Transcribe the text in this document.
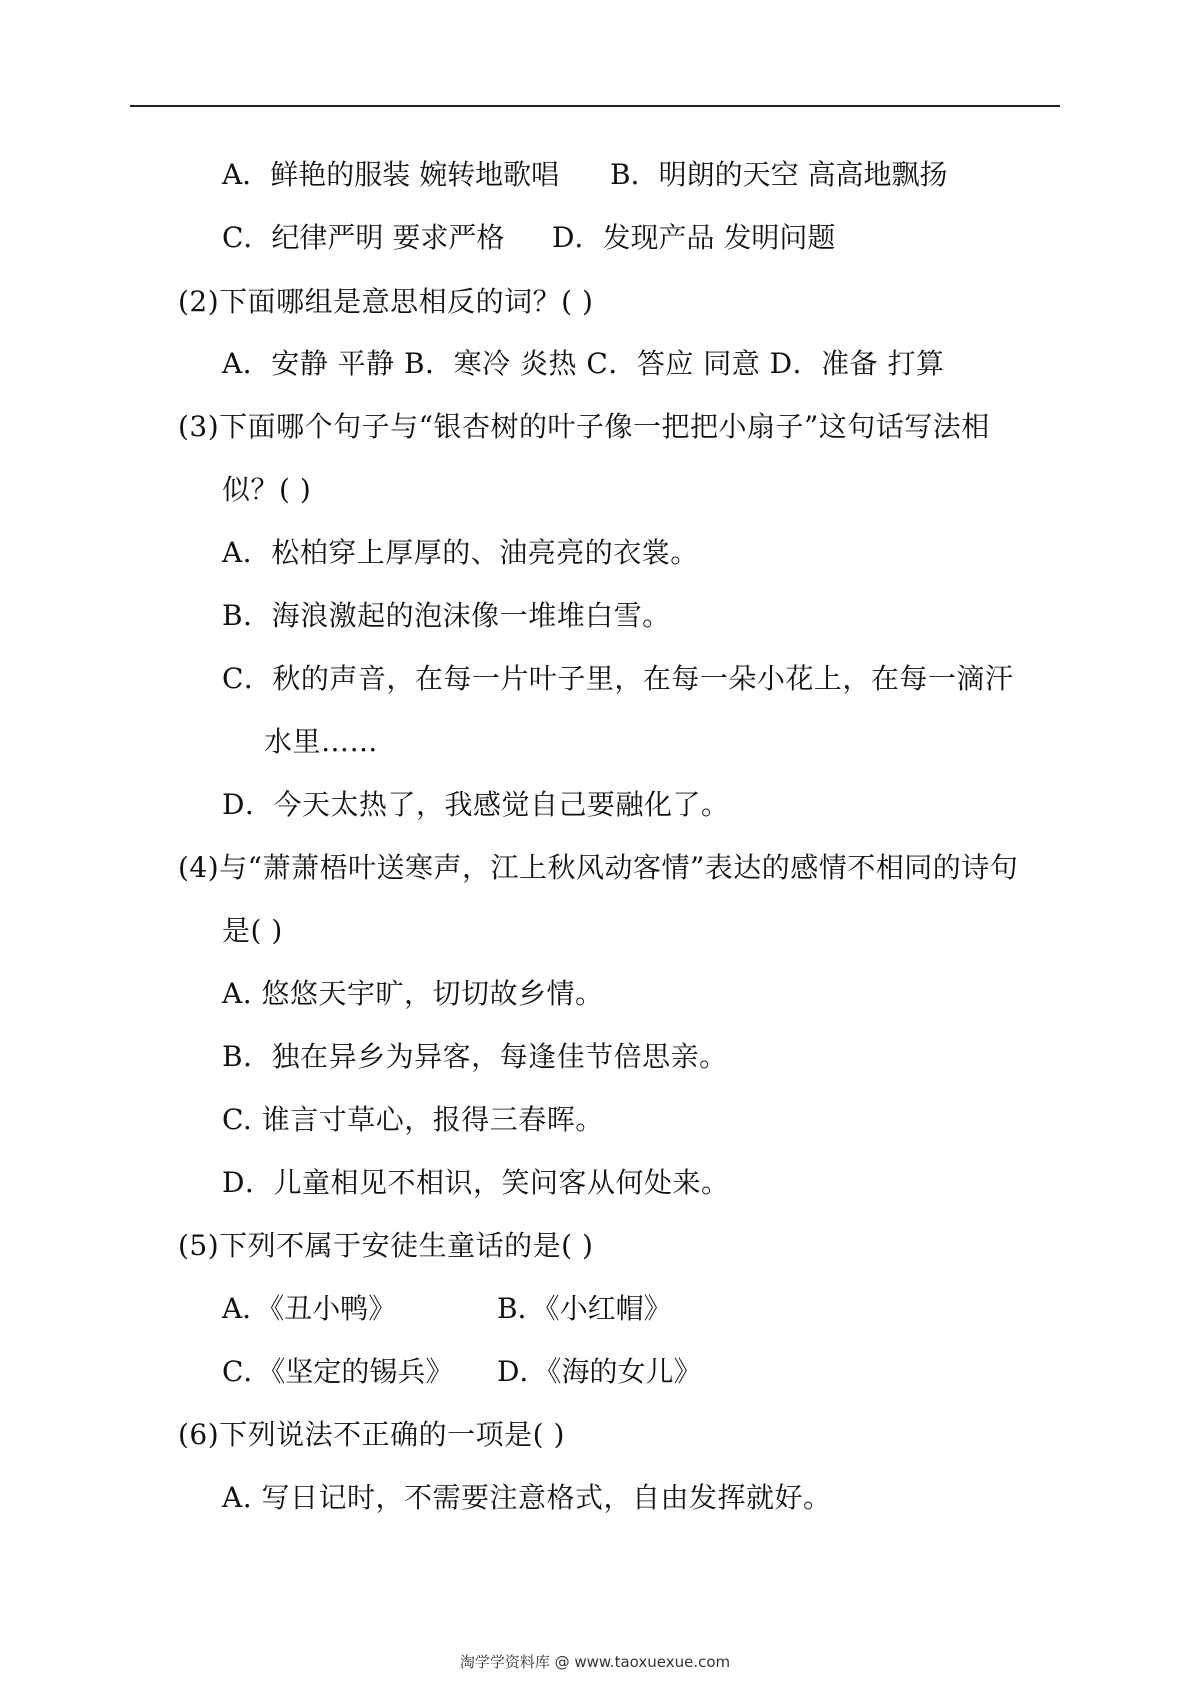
A．鲜艳的服装 婉转地歌唱 B．明朗的天空 高高地飘扬
C．纪律严明 要求严格 D．发现产品 发明问题
(2)下面哪组是意思相反的词？( )
A．安静 平静 B．寒冷 炎热 C．答应 同意 D．准备 打算
(3)下面哪个句子与“银杏树的叶子像一把把小扇子”这句话写法相
似？( )
A．松柏穿上厚厚的、油亮亮的衣裳。
B．海浪激起的泡沫像一堆堆白雪。
C．秋的声音，在每一片叶子里，在每一朵小花上，在每一滴汗
水里……
D．今天太热了，我感觉自己要融化了。
(4)与“萧萧梧叶送寒声，江上秋风动客情”表达的感情不相同的诗句
是( )
A. 悠悠天宇旷，切切故乡情。
B．独在异乡为异客，每逢佳节倍思亲。
C. 谁言寸草心，报得三春晖。
D．儿童相见不相识，笑问客从何处来。
(5)下列不属于安徒生童话的是( )
A．《丑小鸭》	B．《小红帽》
C．《坚定的锡兵》 D．《海的女儿》
(6)下列说法不正确的一项是( )
A. 写日记时，不需要注意格式，自由发挥就好。
淘学学资料库 @ www.taoxuexue.com
